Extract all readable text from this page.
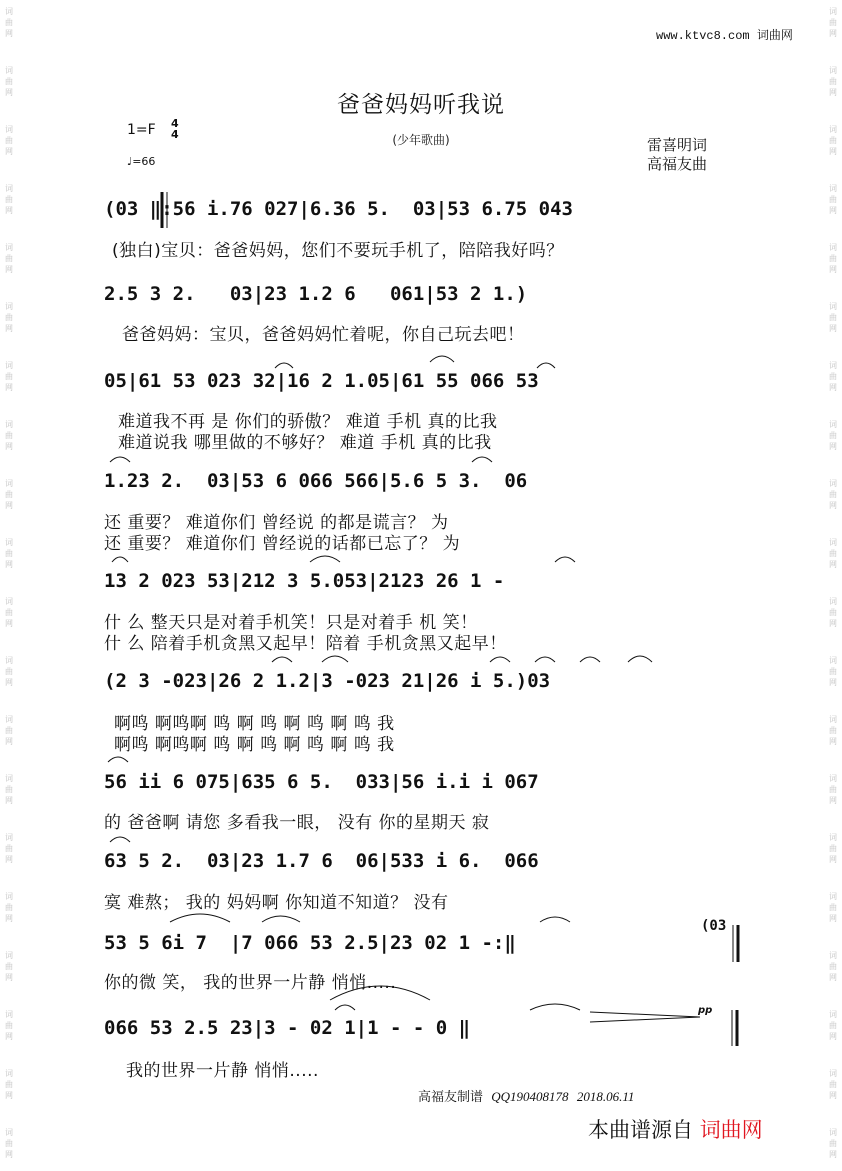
词
曲
网
词
曲
网
词
曲
网
词
曲
网
词
曲
网
词
曲
网
词
曲
网
词
曲
网
词
曲
网
词
曲
网
词
曲
网
词
曲
网
词
曲
网
词
曲
网
词
曲
网
词
曲
网
词
曲
网
词
曲
网
词
曲
网
词
曲
网
词
曲
网
词
曲
网
词
曲
网
词
曲
网
词
曲
网
词
曲
网
词
曲
网
词
曲
网
词
曲
网
词
曲
网
词
曲
网
词
曲
网
词
曲
网
词
曲
网
词
曲
网
词
曲
网
词
曲
网
词
曲
网
词
曲
网
词
曲
网
www.ktvc8.com 词曲网
爸爸妈妈听我说
(少年歌曲)
1=F 4
4
♩=66
雷喜明词
高福友曲
(03 ‖:56 i.76 027|6.36 5.  03|53 6.75 043
(独白)宝贝：爸爸妈妈，您们不要玩手机了，陪陪我好吗？
2.5 3 2.   03|23 1.2 6   061|53 2 1.)
爸爸妈妈：宝贝，爸爸妈妈忙着呢，你自己玩去吧！
05|61 53 023 32|16 2 1.05|61 55 066 53
难道我不再 是 你们的骄傲？ 难道 手机 真的比我
难道说我 哪里做的不够好？ 难道 手机 真的比我
1.23 2.  03|53 6 066 566|5.6 5 3.  06
还 重要？ 难道你们 曾经说 的都是谎言？ 为
还 重要？ 难道你们 曾经说的话都已忘了？ 为
13 2 023 53|212 3 5.053|2123 26 1 -
什 么 整天只是对着手机笑！只是对着手 机 笑！
什 么 陪着手机贪黑又起早！陪着 手机贪黑又起早！
(2 3 -023|26 2 1.2|3 -023 21|26 i 5.)03
啊鸣 啊鸣啊 鸣 啊 鸣 啊 鸣 啊 鸣 我
啊鸣 啊鸣啊 鸣 啊 鸣 啊 鸣 啊 鸣 我
56 ii 6 075|635 6 5.  033|56 i.i i 067
的 爸爸啊 请您 多看我一眼， 没有 你的星期天 寂
63 5 2.  03|23 1.7 6  06|533 i 6.  066
寞 难熬； 我的 妈妈啊 你知道不知道？ 没有
53 5 6i 7  |7 066 53 2.5|23 02 1 -:‖
你的微 笑， 我的世界一片静 悄悄.....
066 53 2.5 23|3 - 02 1|1 - - 0 ‖
我的世界一片静 悄悄.....
(03
pp
高福友制谱 QQ190408178 2018.06.11
本曲谱源自 词曲网
